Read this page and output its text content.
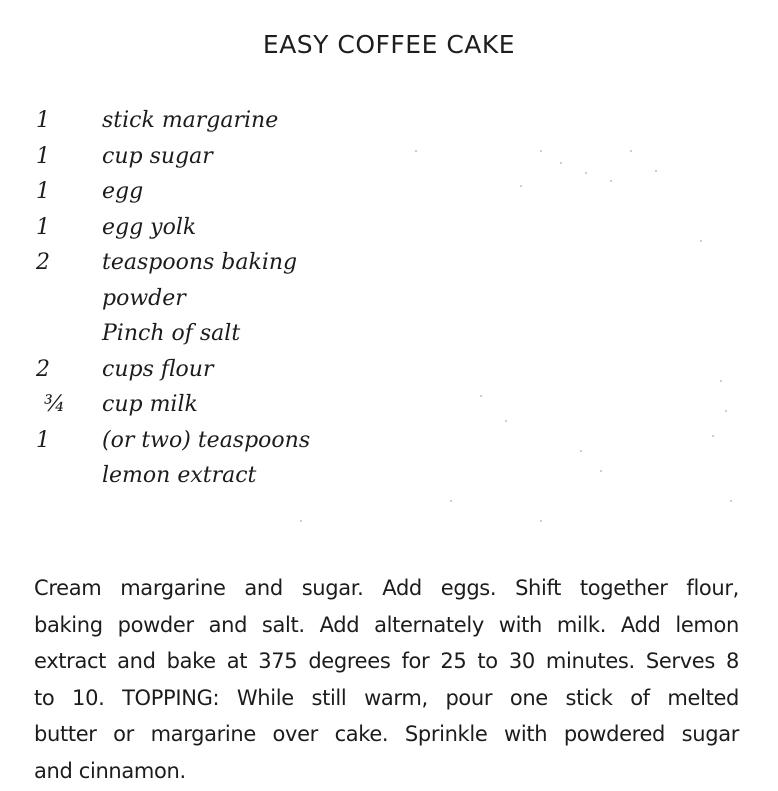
EASY COFFEE CAKE
1 stick margarine
1 cup sugar
1 egg
1 egg yolk
2 teaspoons baking
powder
Pinch of salt
2 cups flour
¾ cup milk
1 (or two) teaspoons
lemon extract
Cream margarine and sugar. Add eggs. Shift together flour,
baking powder and salt. Add alternately with milk. Add lemon
extract and bake at 375 degrees for 25 to 30 minutes. Serves 8
to 10. TOPPING: While still warm, pour one stick of melted
butter or margarine over cake. Sprinkle with powdered sugar
and cinnamon.
